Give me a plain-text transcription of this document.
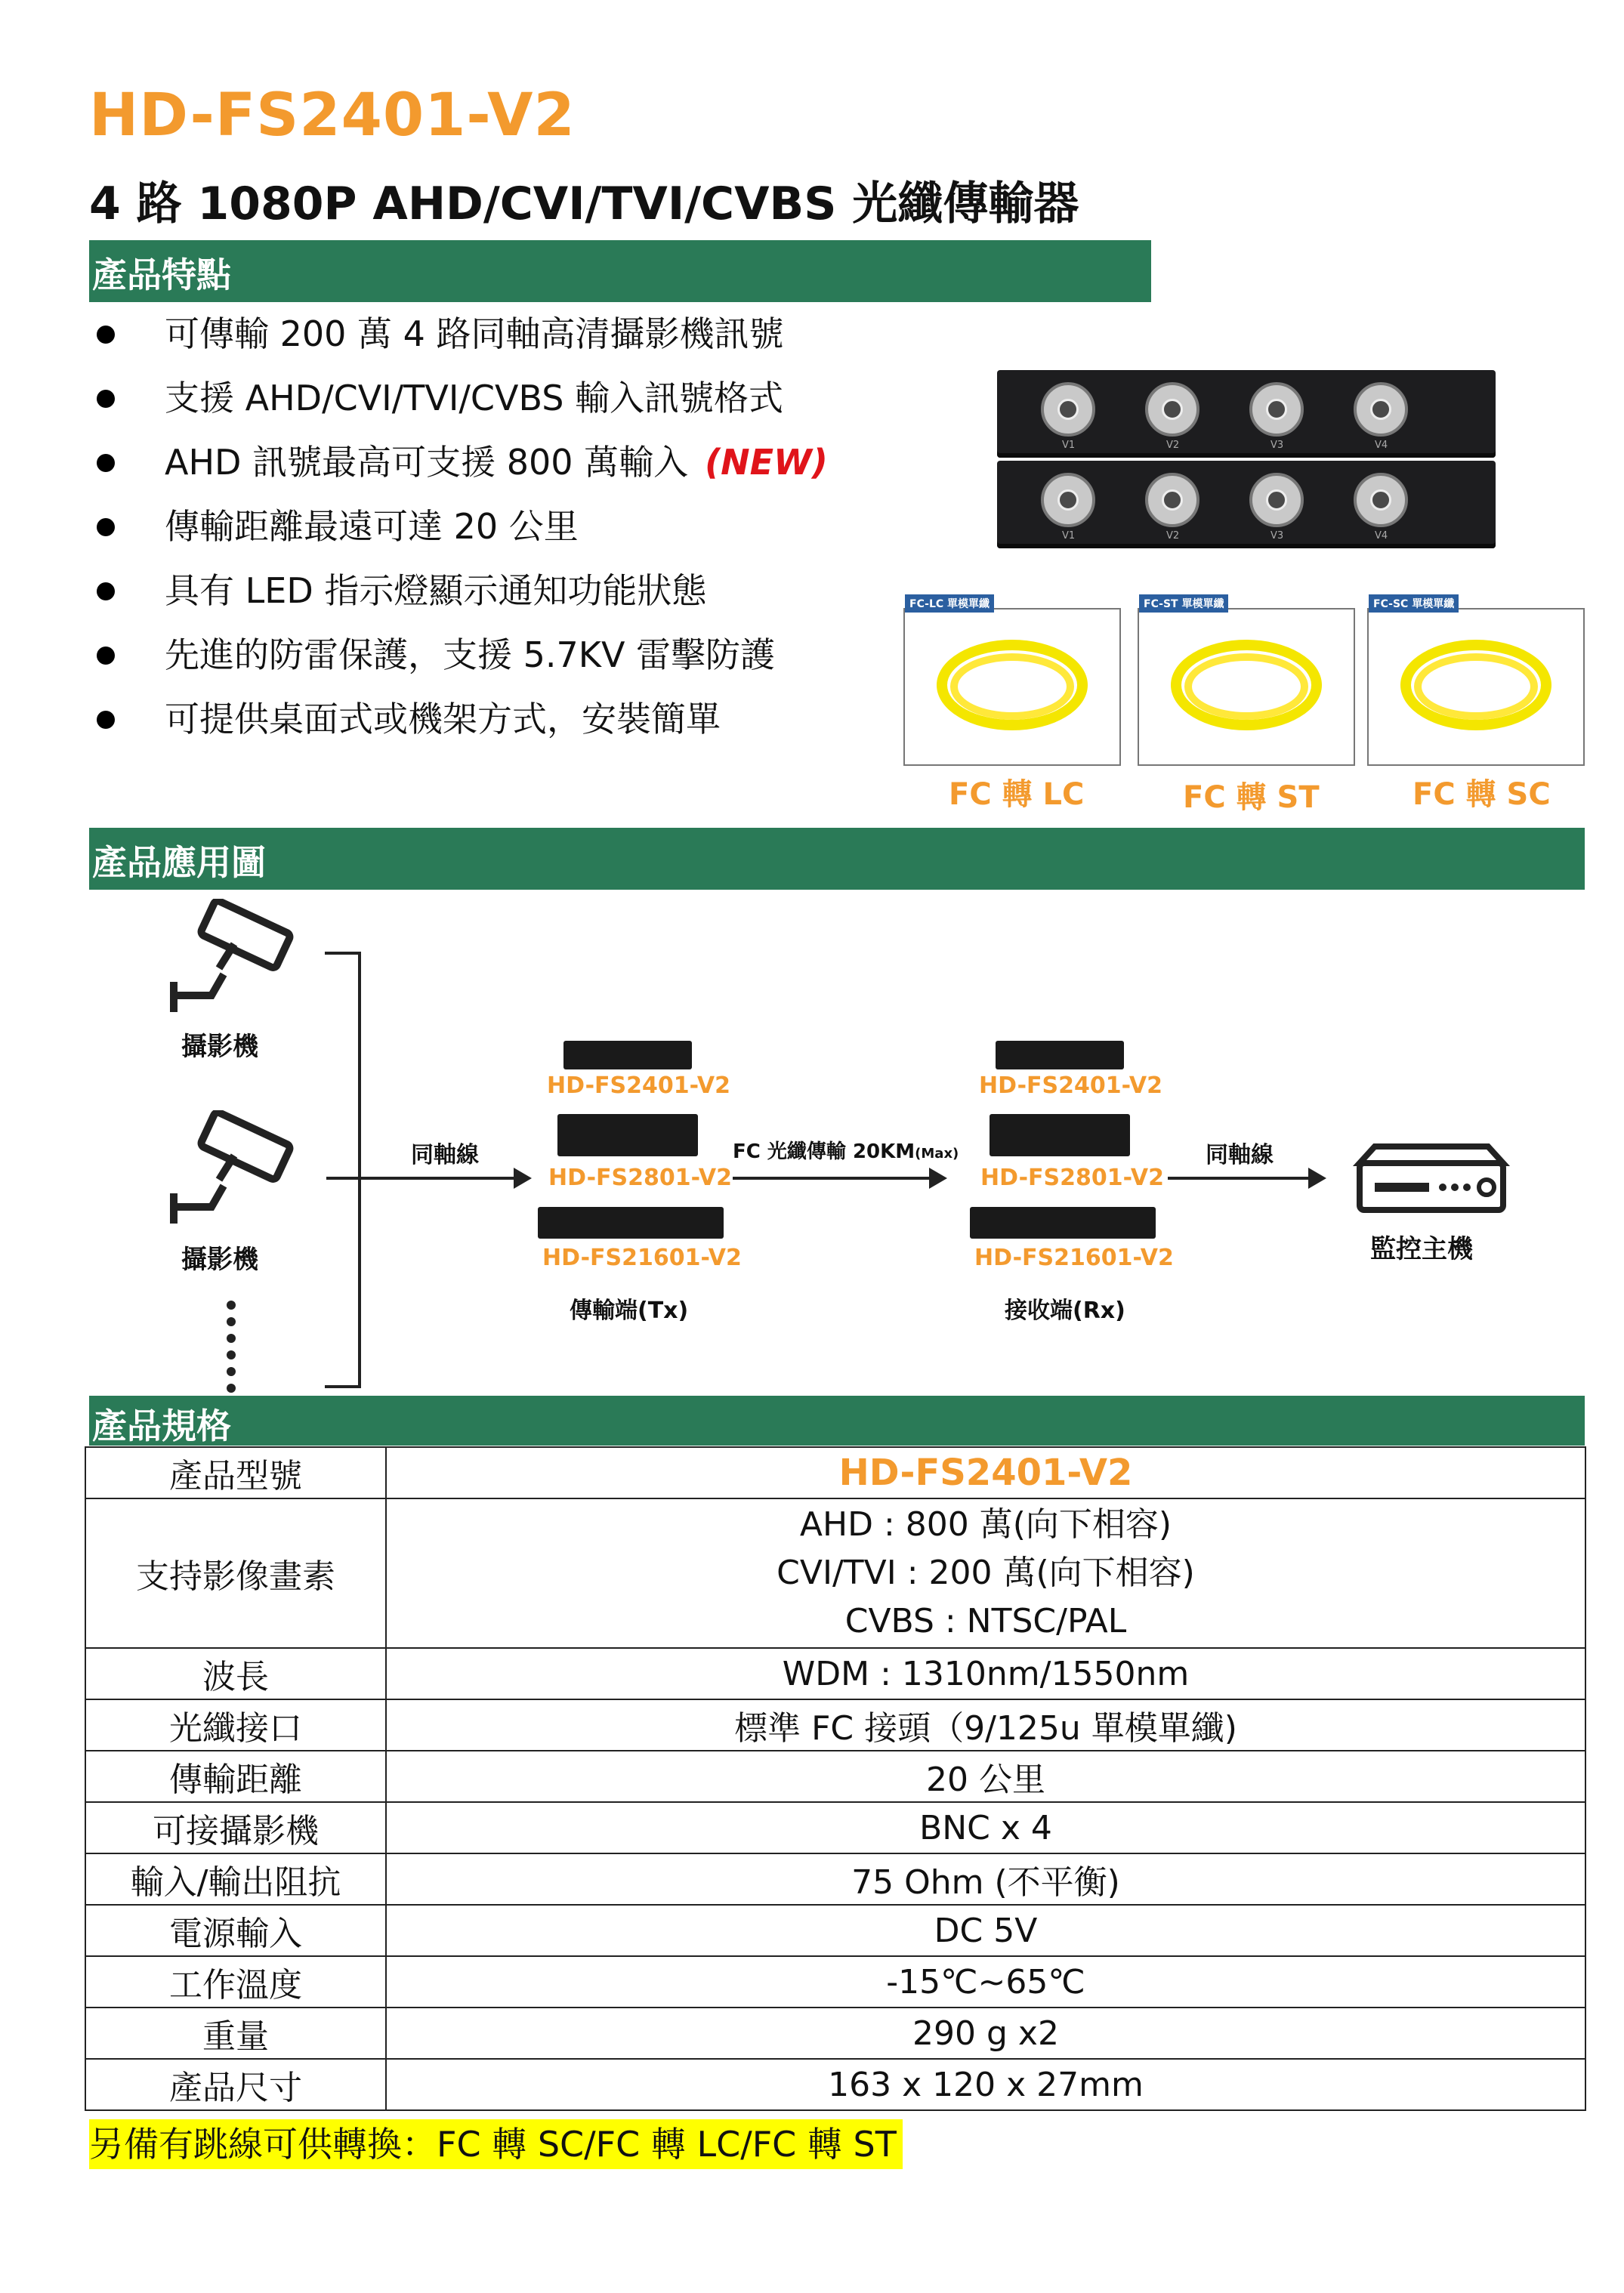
HD-FS2401-V2
4 路 1080P AHD/CVI/TVI/CVBS 光纖傳輸器
產品特點
可傳輸 200 萬 4 路同軸高清攝影機訊號
支援 AHD/CVI/TVI/CVBS 輸入訊號格式
AHD 訊號最高可支援 800 萬輸入 (NEW)
傳輸距離最遠可達 20 公里
具有 LED 指示燈顯示通知功能狀態
先進的防雷保護，支援 5.7KV 雷擊防護
可提供桌面式或機架方式，安裝簡單
V1	V2	V3	V4
V1	V2	V3	V4
FC-LC 單模單纖	FC-ST 單模單纖	FC-SC 單模單纖
FC 轉 LC	FC 轉 ST	FC 轉 SC
產品應用圖
攝影機
攝影機
同軸線
HD-FS2401-V2
HD-FS2801-V2
HD-FS21601-V2
傳輸端(Tx)
FC 光纖傳輸 20KM(Max)
HD-FS2401-V2
HD-FS2801-V2
HD-FS21601-V2
接收端(Rx)
同軸線
監控主機
產品規格
產品型號	HD-FS2401-V2
支持影像畫素	AHD : 800 萬(向下相容)
CVI/TVI : 200 萬(向下相容)
CVBS : NTSC/PAL

波長	WDM : 1310nm/1550nm
光纖接口	標準 FC 接頭（9/125u 單模單纖)
傳輸距離	20 公里
可接攝影機	BNC x 4
輸入/輸出阻抗	75 Ohm (不平衡)
電源輸入	DC 5V
工作溫度	-15℃~65℃
重量	290 g x2
產品尺寸	163 x 120 x 27mm
另備有跳線可供轉換：FC 轉 SC/FC 轉 LC/FC 轉 ST
